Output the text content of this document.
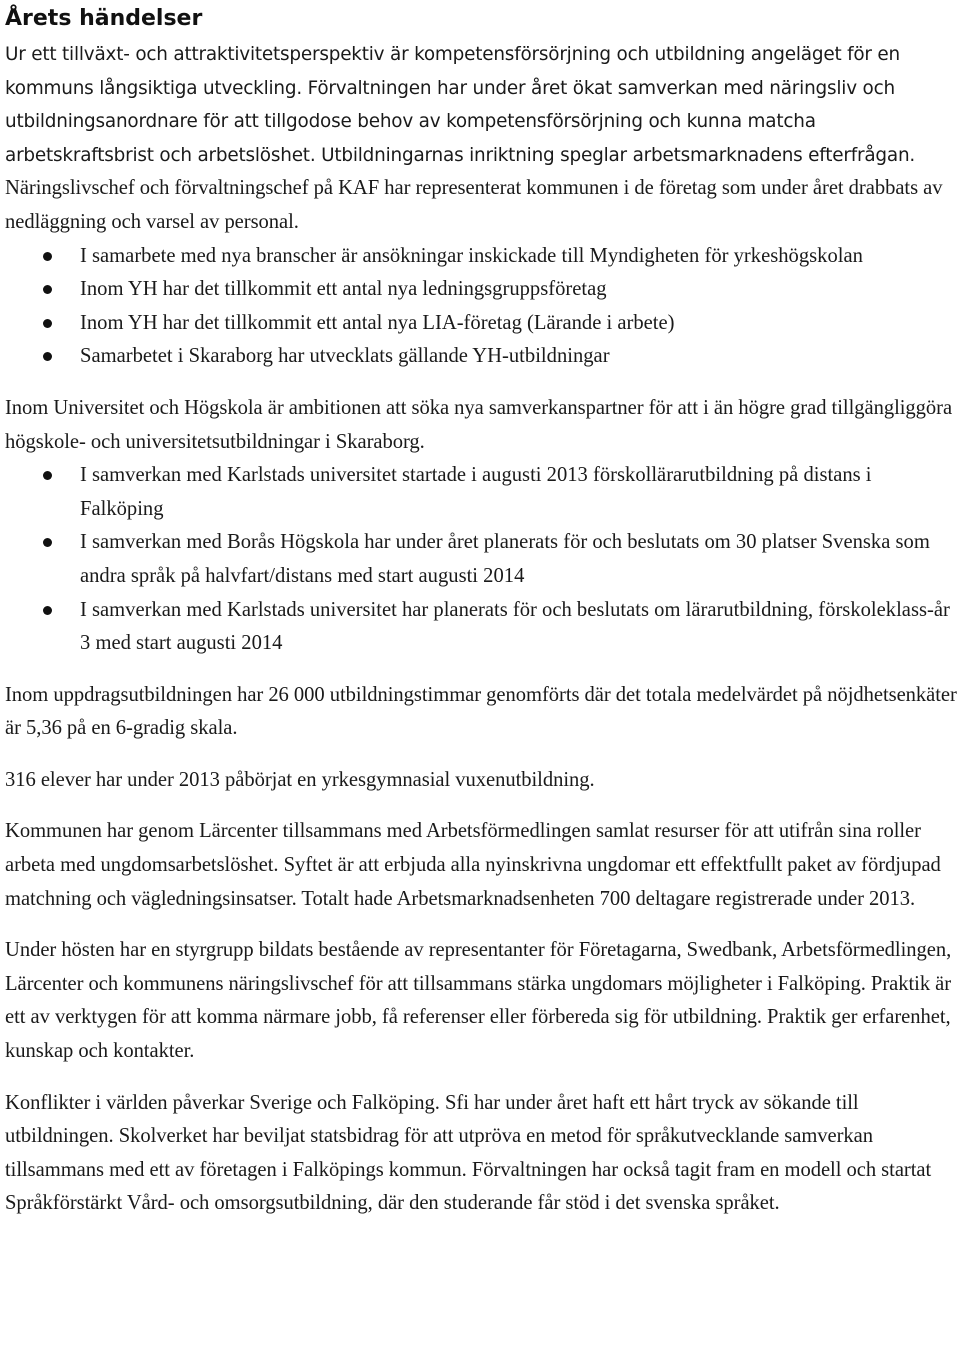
Årets händelser

Ur ett tillväxt- och attraktivitetsperspektiv är kompetensförsörjning och utbildning angeläget för en kommuns långsiktiga utveckling. Förvaltningen har under året ökat samverkan med näringsliv och utbildningsanordnare för att tillgodose behov av kompetensförsörjning och kunna matcha arbetskraftsbrist och arbetslöshet. Utbildningarnas inriktning speglar arbetsmarknadens efterfrågan. Näringslivschef och förvaltningschef på KAF har representerat kommunen i de företag som under året drabbats av nedläggning och varsel av personal.

I samarbete med nya branscher är ansökningar inskickade till Myndigheten för yrkeshögskolan
Inom YH har det tillkommit ett antal nya ledningsgruppsföretag
Inom YH har det tillkommit ett antal nya LIA-företag (Lärande i arbete)
Samarbetet i Skaraborg har utvecklats gällande YH-utbildningar

Inom Universitet och Högskola är ambitionen att söka nya samverkanspartner för att i än högre grad tillgängliggöra högskole- och universitetsutbildningar i Skaraborg.

I samverkan med Karlstads universitet startade i augusti 2013 förskollärarutbildning på distans i Falköping
I samverkan med Borås Högskola har under året planerats för och beslutats om 30 platser Svenska som andra språk på halvfart/distans med start augusti 2014
I samverkan med Karlstads universitet har planerats för och beslutats om lärarutbildning, förskoleklass-år 3 med start augusti 2014

Inom uppdragsutbildningen har 26 000 utbildningstimmar genomförts där det totala medelvärdet på nöjdhetsenkäter är 5,36 på en 6-gradig skala.

316 elever har under 2013 påbörjat en yrkesgymnasial vuxenutbildning.

Kommunen har genom Lärcenter tillsammans med Arbetsförmedlingen samlat resurser för att utifrån sina roller arbeta med ungdomsarbetslöshet. Syftet är att erbjuda alla nyinskrivna ungdomar ett effektfullt paket av fördjupad matchning och vägledningsinsatser. Totalt hade Arbetsmarknadsenheten 700 deltagare registrerade under 2013.

Under hösten har en styrgrupp bildats bestående av representanter för Företagarna, Swedbank, Arbetsförmedlingen, Lärcenter och kommunens näringslivschef för att tillsammans stärka ungdomars möjligheter i Falköping. Praktik är ett av verktygen för att komma närmare jobb, få referenser eller förbereda sig för utbildning. Praktik ger erfarenhet, kunskap och kontakter.

Konflikter i världen påverkar Sverige och Falköping. Sfi har under året haft ett hårt tryck av sökande till utbildningen. Skolverket har beviljat statsbidrag för att utpröva en metod för språkutvecklande samverkan tillsammans med ett av företagen i Falköpings kommun. Förvaltningen har också tagit fram en modell och startat Språkförstärkt Vård- och omsorgsutbildning, där den studerande får stöd i det svenska språket.
